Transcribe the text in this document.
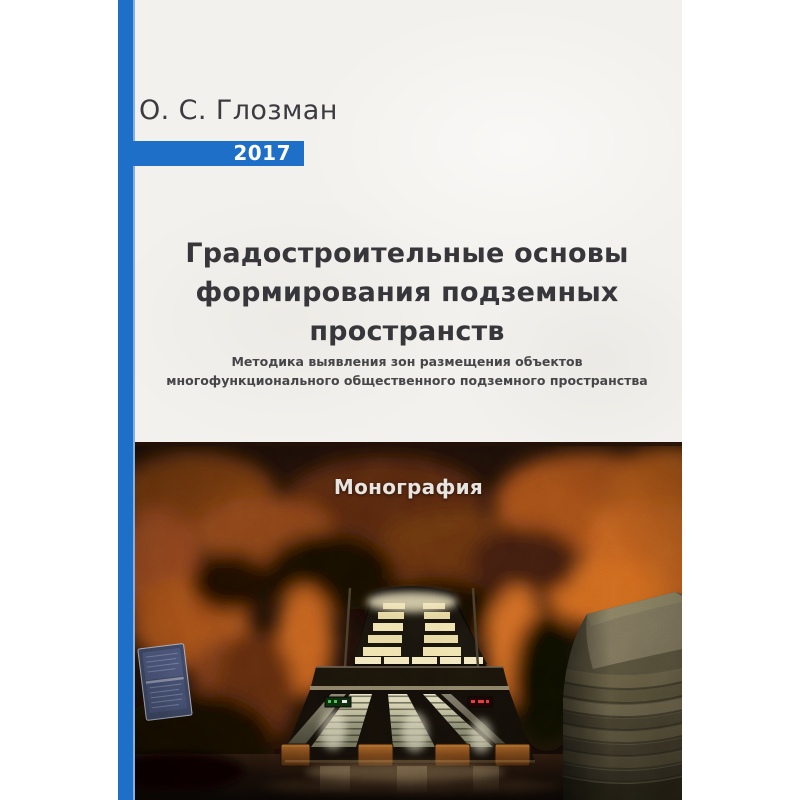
О. С. Глозман
2017
Градостроительные основы
формирования подземных
пространств
Методика выявления зон размещения объектов
многофункционального общественного подземного пространства
Монография
